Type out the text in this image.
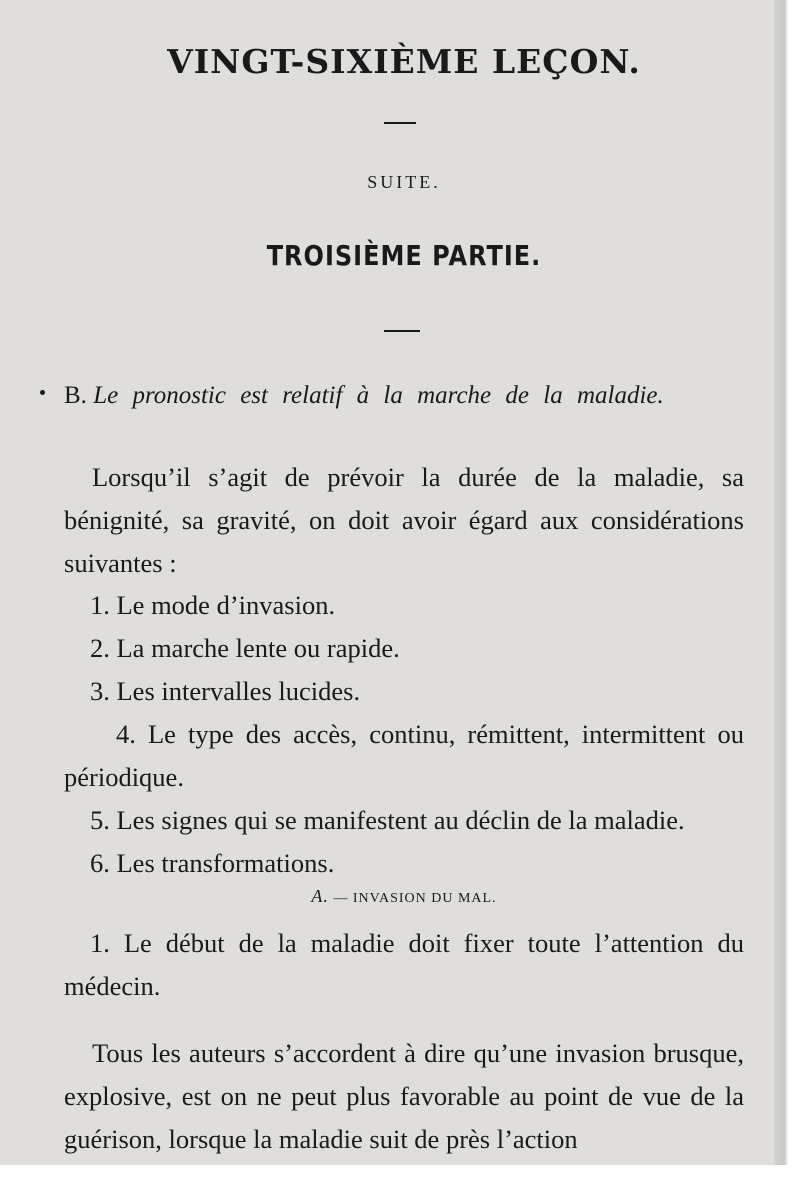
VINGT-SIXIÈME LEÇON.
SUITE.
TROISIÈME PARTIE.
B. Le pronostic est relatif à la marche de la maladie.

Lorsqu’il s’agit de prévoir la durée de la maladie, sa bénignité, sa gravité, on doit avoir égard aux considérations suivantes :

1. Le mode d’invasion.
2. La marche lente ou rapide.
3. Les intervalles lucides.
4. Le type des accès, continu, rémittent, intermittent ou périodique.
5. Les signes qui se manifestent au déclin de la maladie.
6. Les transformations.
A. — INVASION DU MAL.

1. Le début de la maladie doit fixer toute l’attention du médecin.

Tous les auteurs s’accordent à dire qu’une invasion brusque, explosive, est on ne peut plus favorable au point de vue de la guérison, lorsque la maladie suit de près l’action
